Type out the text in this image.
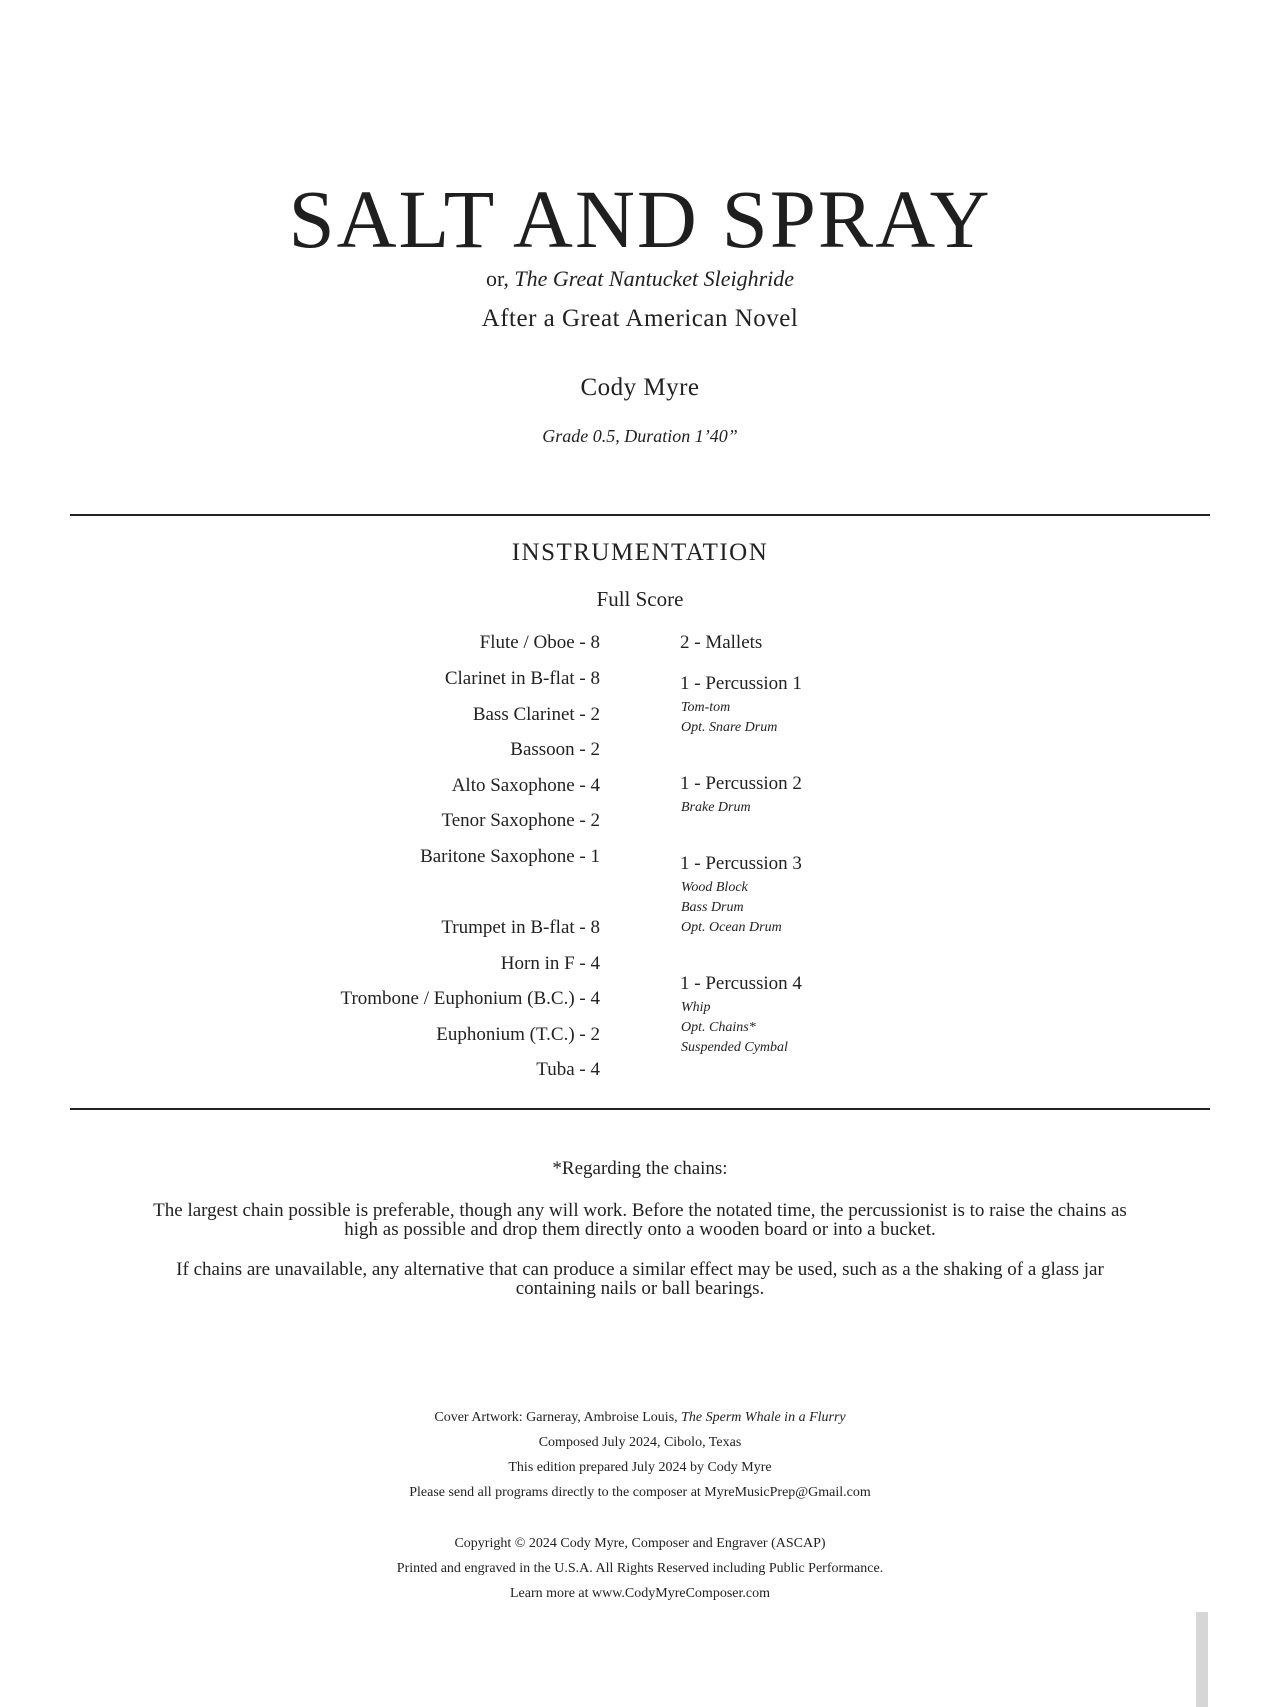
SALT AND SPRAY
or, The Great Nantucket Sleighride
After a Great American Novel
Cody Myre
Grade 0.5, Duration 1’40”
INSTRUMENTATION
Full Score
Flute / Oboe - 8
Clarinet in B-flat - 8
Bass Clarinet - 2
Bassoon - 2
Alto Saxophone - 4
Tenor Saxophone - 2
Baritone Saxophone - 1
Trumpet in B-flat - 8
Horn in F - 4
Trombone / Euphonium (B.C.) - 4
Euphonium (T.C.) - 2
Tuba - 4
2 - Mallets
1 - Percussion 1
Tom-tom
Opt. Snare Drum
1 - Percussion 2
Brake Drum
1 - Percussion 3
Wood Block
Bass Drum
Opt. Ocean Drum
1 - Percussion 4
Whip
Opt. Chains*
Suspended Cymbal
*Regarding the chains:
The largest chain possible is preferable, though any will work. Before the notated time, the percussionist is to raise the chains as
high as possible and drop them directly onto a wooden board or into a bucket.
If chains are unavailable, any alternative that can produce a similar effect may be used, such as a the shaking of a glass jar
containing nails or ball bearings.
Cover Artwork: Garneray, Ambroise Louis, The Sperm Whale in a Flurry
Composed July 2024, Cibolo, Texas
This edition prepared July 2024 by Cody Myre
Please send all programs directly to the composer at MyreMusicPrep@Gmail.com
Copyright © 2024 Cody Myre, Composer and Engraver (ASCAP)
Printed and engraved in the U.S.A. All Rights Reserved including Public Performance.
Learn more at www.CodyMyreComposer.com
